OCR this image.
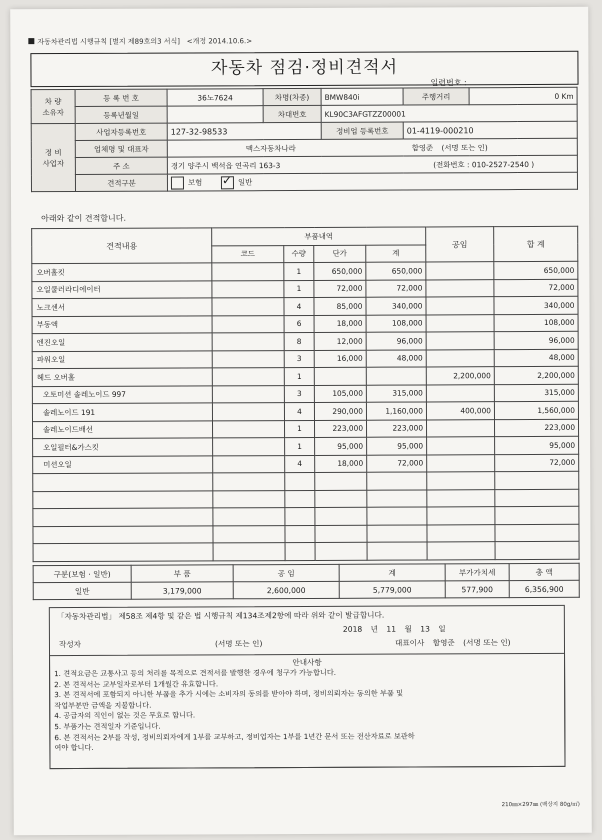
자동차관리법 시행규칙 [별지 제89호의3 서식] <개정 2014.10.6.>
자동차 점검·정비견적서
일련번호 :
차 량
소유자	등 록 번 호	36노7624	차명(차종)	BMW840i	주행거리	0 Km
	등록년월일		차대번호	KL90C3AFGTZZ00001		
정 비
사업자	사업자등록번호	127-32-98533		정비업 등록번호	01-4119-000210	
	업체명 및 대표자	맥스자동차나라 함영준 (서명 또는 인)				
	주 소	경기 양주시 백석읍 연곡리 163-3 (전화번호 : 010-2527-2540 )				
	견적구분	보험 ✓ 일반
아래와 같이 견적합니다.
견적내용	부품내역				공임	합 계
	코드	수량	단가	계		
오버홀킷		1	650,000	650,000		650,000
오일쿨러라디에이터		1	72,000	72,000		72,000
노크센서		4	85,000	340,000		340,000
부동액		6	18,000	108,000		108,000
엔진오일		8	12,000	96,000		96,000
파워오일		3	16,000	48,000		48,000
헤드 오버홀		1			2,200,000	2,200,000
오토미션 솔레노이드 997		3	105,000	315,000		315,000
솔레노이드 191		4	290,000	1,160,000	400,000	1,560,000
솔레노이드배선		1	223,000	223,000		223,000
오일필터&가스킷		1	95,000	95,000		95,000
미션오일		4	18,000	72,000		72,000

구분(보험 · 일반)	부 품	공 임	계	부가가치세	총 액
일반	3,179,000	2,600,000	5,779,000	577,900	6,356,900
「자동차관리법」 제58조 제4항 및 같은 법 시행규칙 제134조제2항에 따라 위와 같이 발급합니다.
2018 년 11 월 13 일
작성자	(서명 또는 인)	대표이사 함영준 (서명 또는 인)
안내사항
1. 견적요금은 교통사고 등의 처리를 목적으로 견적서를 발행한 경우에 청구가 가능합니다.
2. 본 견적서는 교부일자로부터 1개월간 유효합니다.
3. 본 견적서에 포함되지 아니한 부품을 추가 시에는 소비자의 동의를 받아야 하며, 정비의뢰자는 동의한 부품 및
작업부분만 금액을 지불합니다.
4. 공급자의 직인이 없는 것은 무효로 합니다.
5. 부품가는 견적일자 기준입니다.
6. 본 견적서는 2부를 작성, 정비의뢰자에게 1부를 교부하고, 정비업자는 1부를 1년간 문서 또는 전산자료로 보관하
여야 합니다.
210㎜×297㎜ (백상지 80g/㎡)
